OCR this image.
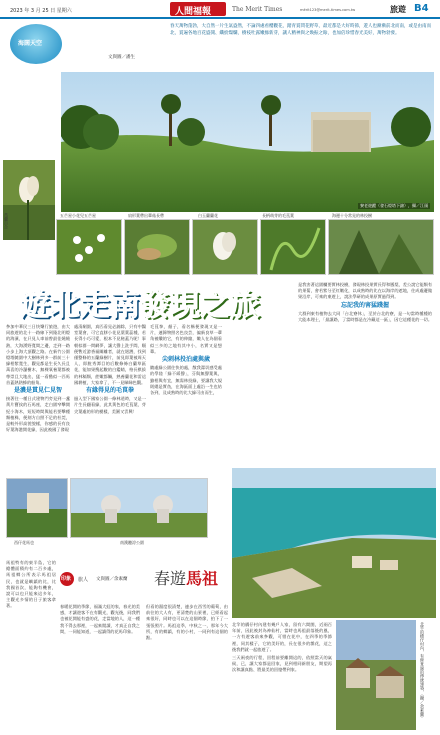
2023 年 3 月 25 日 星期六	人間福報	The Merit Times	mérit123@merit-times.com.tw	旅遊 B4
海闊天空
文與圖／潘生
春天萬物蓬勃，大自然一片生氣盎然，不論四處看櫻觀花，踏青賞問花野草，最近都是大好時節，遊人也漸漸前北而南，或是由南而北，賞遍各地百花盛開、纖紛燦爛，樹枝吐露嫩綠新芽，讓人精神與之煥振之餘，也加倍珍惜春光美好，萬物勃發。
寮老遊蹤（發石燈塔下錦），攝／江頭
莨蘭百合	五芒星小花兒五芒星	扇形葉帶出蕈菇長帶	白玉蘭蘭花	長柄萌芽的毛茛葉	海邊十分常見的林投樹
遊北走南發現之旅
參加中華民三日快樂行旅遊，由大同旅遊的北十一路線下到隆北明燈的海濱，在只見人車前曾最佳燒燒熱，大海湧野寬間之邊，走到一路小步上海大頂觀之路。在新竹公園燈塔隨園中大樹林到多一群前三十綠相紫寬生，觀見都是生長久長且萬喜的冷瀑樹木，無棵氧養葉都被尊崇且大地出，猛一看酷似一匹馬首蓋熱熱蜂的船角。
是濃是貫見仁見智
接著往一種日式建物門旁見到一盞黃片寶紋的石馬座，走白園窄擊開紀小海木，短短時間與能若要擊種類植株，便刻方自照不足的杜莞，是較外形高貌貌樣，你感的長有良好葉海港開花綠，因此被國了發現
處清劇園，真匹看見必錦除，只有中醫堂葉會，可它直移小花見葉葉蕊種，若長得小巧可愛，根本不見秘蓋乃呢！事朝棕群一問網夢，讓大聲上洗手間，順便暫近游香福關離者，就在迴潛，找到僅整條的五蘭綠樹片，前見即葉被周天人，即脫秀潭目的后數條條白蘭草區花，能如果搜起數的白鑑睛，格長棋拔的林稿類，蔗嫩都觸，熟養蘭花和雷這國耕植，大家拿了，不一見睇睇色觀。
有緣得見的毛茛拳
過入型下國家公園一條林道時，又是一片生長翻看綠，此其黃色的毛茛葉，芽尖葉處的形的模樣，美圓又雲興！
毛茛拳，顏子，看名稱便發現又是一片，連錄物照名色良芸，偏新良草一蕈角被纖的它，有的伸縮，嫩人在為個看似三多的之地有其中小，名實又是想蕈。
尖刺林投泊處與歲
隨處綠公園往快的處，散我潔切感受處的學陸「綠不綏聲」，芬與無聲葉與，雖相與有宜，無需林投綠，要讓我大規則總是實鱼，在海區面上處沿一生也結各到，及成熟時的比大綠可由而生，
是我害著這園欄要實林投樹，發現林投果實長得和鳳梨，差公說它能類有的果蔔，會若紫分至紅嫩化，以成熟時的比在以海岸的遮地，往成處邊做果沿岸，可來的東遊上，說法學研的成果原實過得到。
忘記我的害猛踐握
大群到東有植物去大同「台北寮休」，至於台北的寮，是一句當時種種的大能本理士，「最讓路，了當時都是在冷藏這一區」，因它這種花的一切。
西仔花馬也	南澳聽涼公園
印象 旅人 文與圖／余素蘭 春遊馬祖
馬祖特有的東半島，它的總體面積約有二百多處，馬祖鄉公所表示馬祖居民，也就是嶼鎮的比，比我國首次，能夠有機會，說可以也只能來這多年，主觀光多情的日子旅客拿著。	春暖花開的季節，福滿大虹的家，春光的美感，才讓遊客不在有觀光，觀光後，同我們也被花開能有盛的花，走當地的人，這一種我不得去那裡，一起來閱讀，才真正自我之間，一同能知道，一起讀得的花馬印象。
但看的濕度很清楚，連步在西雪的葡萄，由前往的大人有，更清楚的山景裡，已經看起來很好，同時也可以在這個時節，拍下了一張張照片。馬祖這季，中秋之一，那年今大所，有的鄉鎮，有的小村，一同到有這個的點。
北竿的橋仔村內建有幾戶人家，留有六間閩，近兩百年前，因此被封為神仙村，當時也馬祖最落後的風，一方有遊客前來參觀，可惜在花中，在四季的季節裡，同其樣子，它的美好的，長在很多的雜花，這之後我們就一起旅遊了。
三天兩夜的行程，回程前要離開這的，依照當天的氣候，已，讓大家都是回家，見到相同新朋友，期望再次和讓真點、將最美的回憶帶到家。	北竿的橋仔村內，有修葺過的傳統建築，（攝／余素蘭）
